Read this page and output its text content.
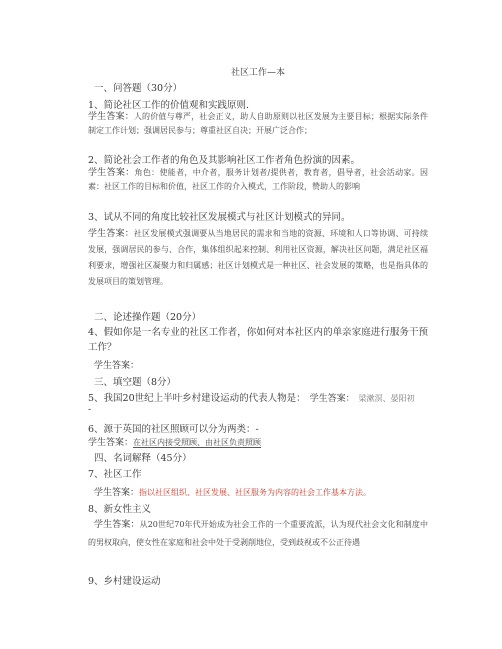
社区工作—本
一、问答题（30分）
1、简论社区工作的价值观和实践原则.
学生答案：人的价值与尊严，社会正义，助人自助原则以社区发展为主要目标；根据实际条件制定工作计划；强调居民参与；尊重社区自决；开展广泛合作；
2、简论社会工作者的角色及其影响社区工作者角色扮演的因素。
学生答案：角色：使能者，中介者，服务计划者/提供者，教育者，倡导者，社会活动家。因素：社区工作的目标和价值，社区工作的介入模式，工作阶段，赞助人的影响
3、试从不同的角度比较社区发展模式与社区计划模式的异同。
学生答案：社区发展模式强调要从当地居民的需求和当地的资源、环境和人口等协调、可持续发展，强调居民的参与、合作，集体组织起来控制、利用社区资源，解决社区问题，满足社区福利要求，增强社区凝聚力和归属感；社区计划模式是一种社区、社会发展的策略，也是指具体的发展项目的策划管理。
二、论述操作题（20分）
4、假如你是一名专业的社区工作者，你如何对本社区内的单亲家庭进行服务干预工作？
学生答案：
三、填空题（8分）
5、我国20世纪上半叶乡村建设运动的代表人物是： 学生答案： 梁漱溟、晏阳初
-
6、源于英国的社区照顾可以分为两类：-
学生答案：在社区内接受照顾、由社区负责照顾
四、名词解释（45分）
7、社区工作
学生答案：指以社区组织、社区发展、社区服务为内容的社会工作基本方法。
8、新女性主义
学生答案：从20世纪70年代开始成为社会工作的一个重要流派，认为现代社会文化和制度中的男权取向，使女性在家庭和社会中处于受剥削地位，受到歧视或不公正待遇
9、乡村建设运动
